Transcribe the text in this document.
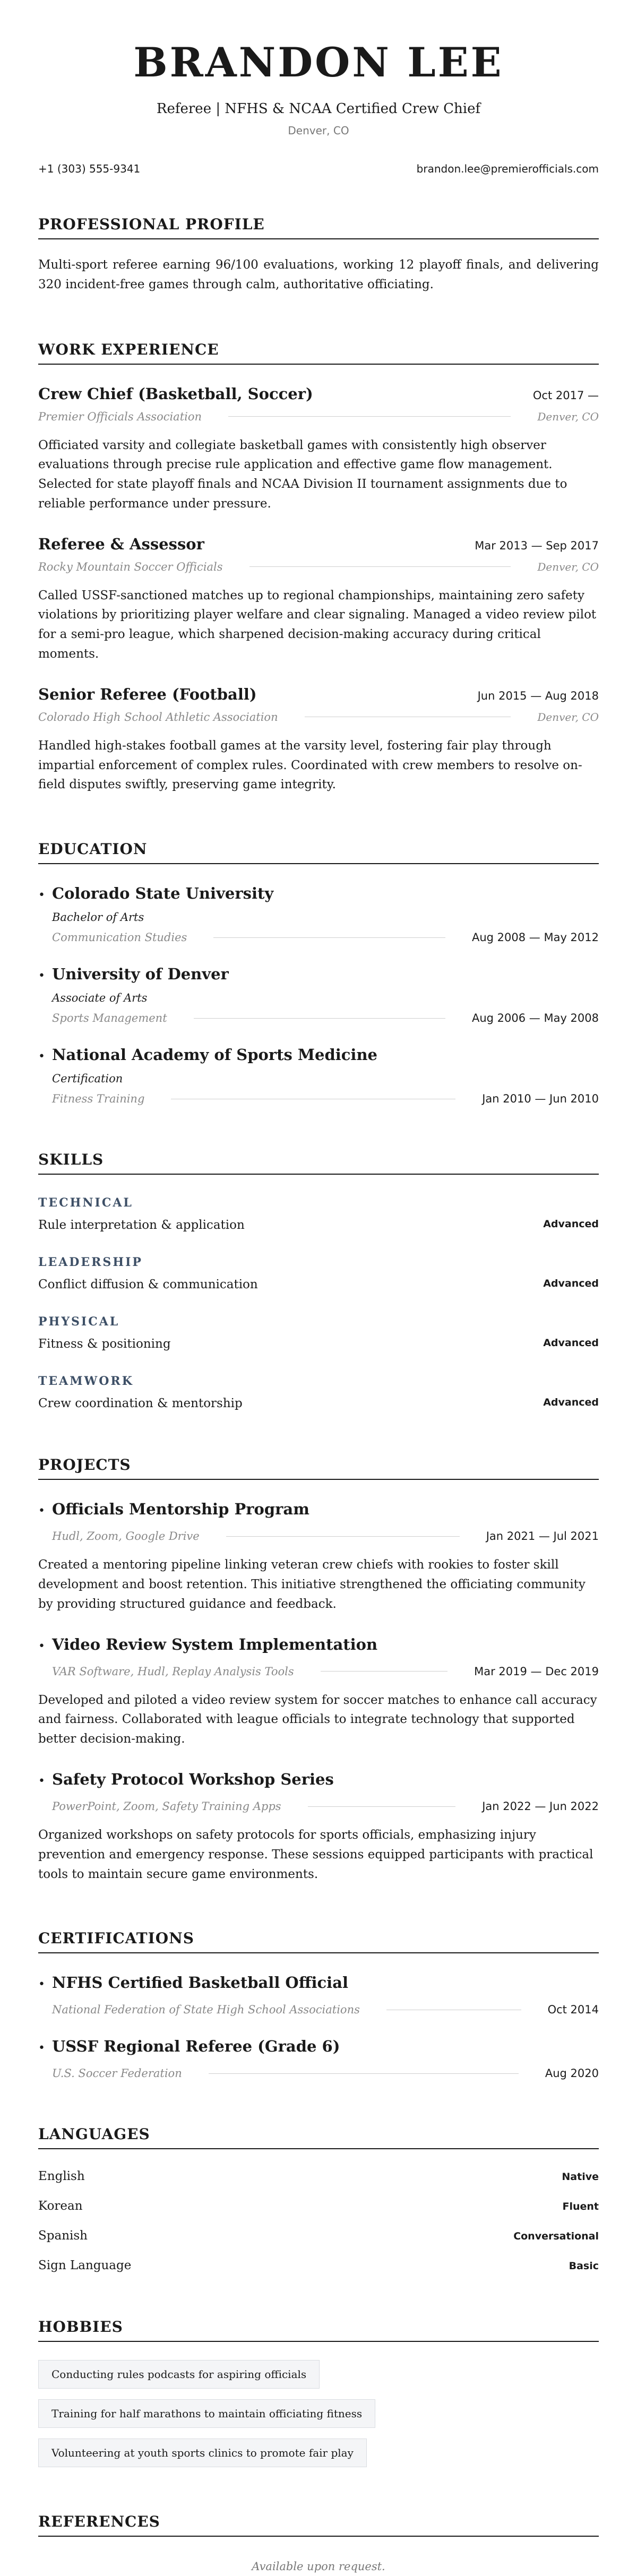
BRANDON LEE
Referee | NFHS & NCAA Certified Crew Chief
Denver, CO
+1 (303) 555-9341	brandon.lee@premierofficials.com
PROFESSIONAL PROFILE
Multi-sport referee earning 96/100 evaluations, working 12 playoff finals, and delivering 320 incident-free games through calm, authoritative officiating.
WORK EXPERIENCE
Crew Chief (Basketball, Soccer)	Oct 2017 —
Premier Officials Association	Denver, CO
Officiated varsity and collegiate basketball games with consistently high observer evaluations through precise rule application and effective game flow management. Selected for state playoff finals and NCAA Division II tournament assignments due to reliable performance under pressure.
Referee & Assessor	Mar 2013 — Sep 2017
Rocky Mountain Soccer Officials	Denver, CO
Called USSF-sanctioned matches up to regional championships, maintaining zero safety violations by prioritizing player welfare and clear signaling. Managed a video review pilot for a semi-pro league, which sharpened decision-making accuracy during critical moments.
Senior Referee (Football)	Jun 2015 — Aug 2018
Colorado High School Athletic Association	Denver, CO
Handled high-stakes football games at the varsity level, fostering fair play through impartial enforcement of complex rules. Coordinated with crew members to resolve on-field disputes swiftly, preserving game integrity.
EDUCATION
• Colorado State University
Bachelor of Arts
Communication Studies	Aug 2008 — May 2012
• University of Denver
Associate of Arts
Sports Management	Aug 2006 — May 2008
• National Academy of Sports Medicine
Certification
Fitness Training	Jan 2010 — Jun 2010
SKILLS
TECHNICAL
Rule interpretation & application	Advanced
LEADERSHIP
Conflict diffusion & communication	Advanced
PHYSICAL
Fitness & positioning	Advanced
TEAMWORK
Crew coordination & mentorship	Advanced
PROJECTS
• Officials Mentorship Program
Hudl, Zoom, Google Drive	Jan 2021 — Jul 2021
Created a mentoring pipeline linking veteran crew chiefs with rookies to foster skill development and boost retention. This initiative strengthened the officiating community by providing structured guidance and feedback.
• Video Review System Implementation
VAR Software, Hudl, Replay Analysis Tools	Mar 2019 — Dec 2019
Developed and piloted a video review system for soccer matches to enhance call accuracy and fairness. Collaborated with league officials to integrate technology that supported better decision-making.
• Safety Protocol Workshop Series
PowerPoint, Zoom, Safety Training Apps	Jan 2022 — Jun 2022
Organized workshops on safety protocols for sports officials, emphasizing injury prevention and emergency response. These sessions equipped participants with practical tools to maintain secure game environments.
CERTIFICATIONS
• NFHS Certified Basketball Official
National Federation of State High School Associations	Oct 2014
• USSF Regional Referee (Grade 6)
U.S. Soccer Federation	Aug 2020
LANGUAGES
English	Native
Korean	Fluent
Spanish	Conversational
Sign Language	Basic
HOBBIES
Conducting rules podcasts for aspiring officials
Training for half marathons to maintain officiating fitness
Volunteering at youth sports clinics to promote fair play
REFERENCES
Available upon request.
